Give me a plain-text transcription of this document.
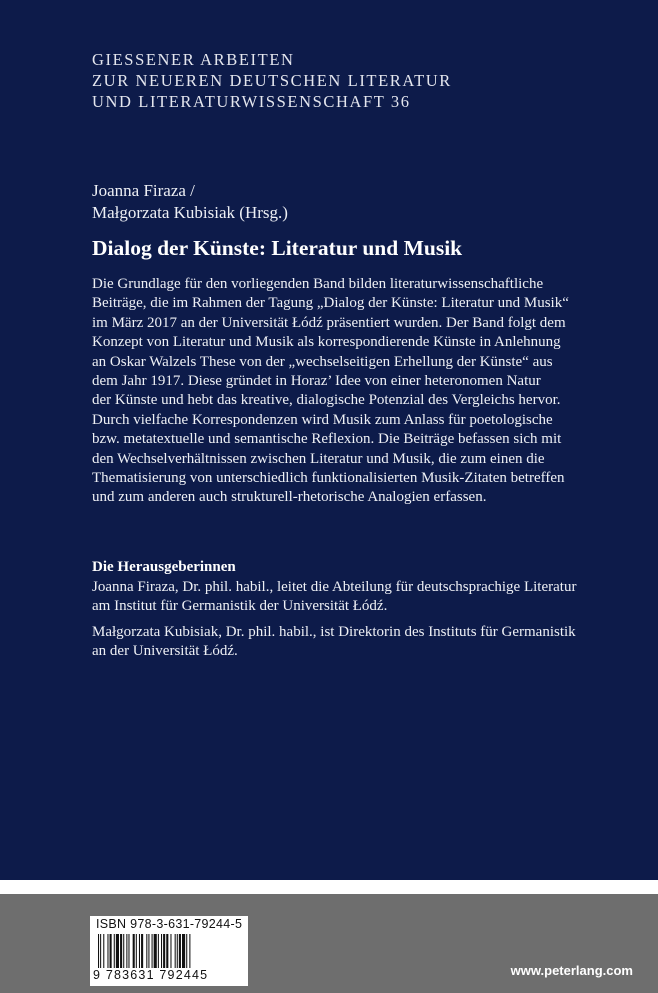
GIESSENER ARBEITEN
ZUR NEUEREN DEUTSCHEN LITERATUR
UND LITERATURWISSENSCHAFT 36
Joanna Firaza /
Małgorzata Kubisiak (Hrsg.)
Dialog der Künste: Literatur und Musik
Die Grundlage für den vorliegenden Band bilden literaturwissenschaftliche
Beiträge, die im Rahmen der Tagung „Dialog der Künste: Literatur und Musik“
im März 2017 an der Universität Łódź präsentiert wurden. Der Band folgt dem
Konzept von Literatur und Musik als korrespondierende Künste in Anlehnung
an Oskar Walzels These von der „wechselseitigen Erhellung der Künste“ aus
dem Jahr 1917. Diese gründet in Horaz’ Idee von einer heteronomen Natur
der Künste und hebt das kreative, dialogische Potenzial des Vergleichs hervor.
Durch vielfache Korrespondenzen wird Musik zum Anlass für poetologische
bzw. metatextuelle und semantische Reflexion. Die Beiträge befassen sich mit
den Wechselverhältnissen zwischen Literatur und Musik, die zum einen die
Thematisierung von unterschiedlich funktionalisierten Musik-Zitaten betreffen
und zum anderen auch strukturell-rhetorische Analogien erfassen.
Die Herausgeberinnen
Joanna Firaza, Dr. phil. habil., leitet die Abteilung für deutschsprachige Literatur
am Institut für Germanistik der Universität Łódź.
Małgorzata Kubisiak, Dr. phil. habil., ist Direktorin des Instituts für Germanistik
an der Universität Łódź.
ISBN 978-3-631-79244-5
9 783631 792445	www.peterlang.com
